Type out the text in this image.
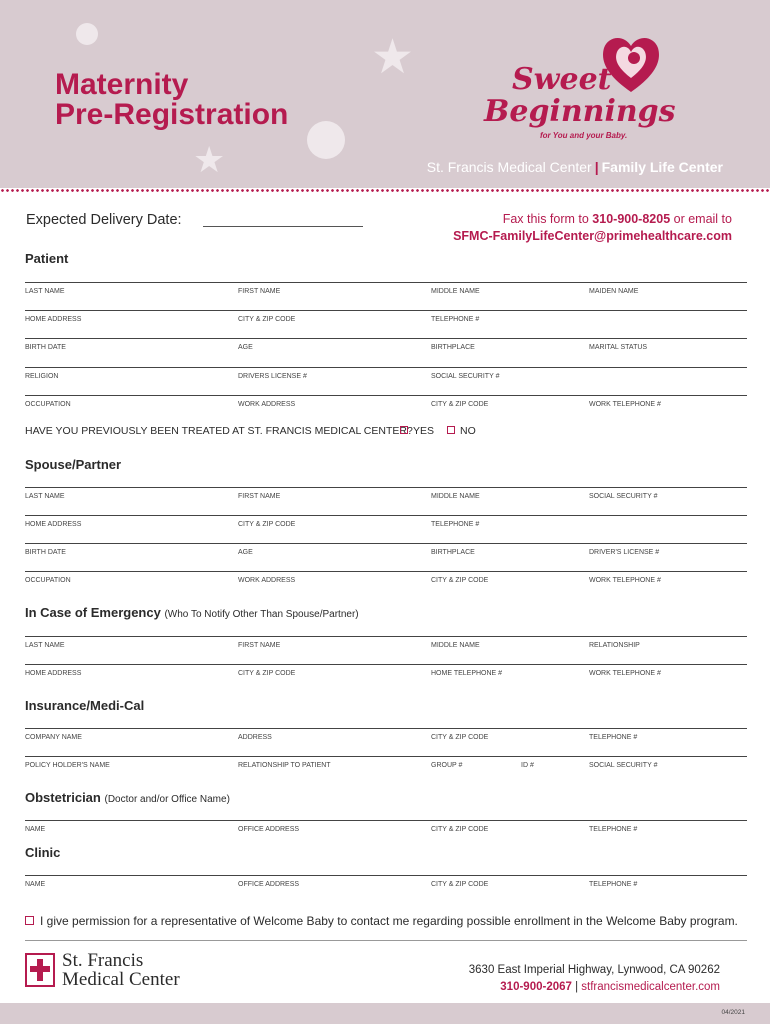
★
★
Maternity
Pre-Registration
Sweet
Beginnings
for You and your Baby.
St. Francis Medical Center | Family Life Center
Expected Delivery Date:	Fax this form to 310-900-8205 or email to
SFMC-FamilyLifeCenter@primehealthcare.com
Patient
Spouse/Partner
In Case of Emergency (Who To Notify Other Than Spouse/Partner)
Insurance/Medi-Cal
Obstetrician (Doctor and/or Office Name)
Clinic
LAST NAME	FIRST NAME	MIDDLE NAME	MAIDEN NAME
HOME ADDRESS	CITY & ZIP CODE	TELEPHONE #
BIRTH DATE	AGE	BIRTHPLACE	MARITAL STATUS
RELIGION	DRIVERS LICENSE #	SOCIAL SECURITY #
OCCUPATION	WORK ADDRESS	CITY & ZIP CODE	WORK TELEPHONE #
HAVE YOU PREVIOUSLY BEEN TREATED AT ST. FRANCIS MEDICAL CENTER? YES	NO
LAST NAME	FIRST NAME	MIDDLE NAME	SOCIAL SECURITY #
HOME ADDRESS	CITY & ZIP CODE	TELEPHONE #
BIRTH DATE	AGE	BIRTHPLACE	DRIVER'S LICENSE #
OCCUPATION	WORK ADDRESS	CITY & ZIP CODE	WORK TELEPHONE #
LAST NAME	FIRST NAME	MIDDLE NAME	RELATIONSHIP
HOME ADDRESS	CITY & ZIP CODE	HOME TELEPHONE #	WORK TELEPHONE #
COMPANY NAME	ADDRESS	CITY & ZIP CODE	TELEPHONE #
POLICY HOLDER'S NAME	RELATIONSHIP TO PATIENT	GROUP #	ID #	SOCIAL SECURITY #
NAME	OFFICE ADDRESS	CITY & ZIP CODE	TELEPHONE #
NAME	OFFICE ADDRESS	CITY & ZIP CODE	TELEPHONE #
I give permission for a representative of Welcome Baby to contact me regarding possible enrollment in the Welcome Baby program.
St. Francis
Medical Center	3630 East Imperial Highway, Lynwood, CA 90262
310-900-2067 | stfrancismedicalcenter.com
04/2021
